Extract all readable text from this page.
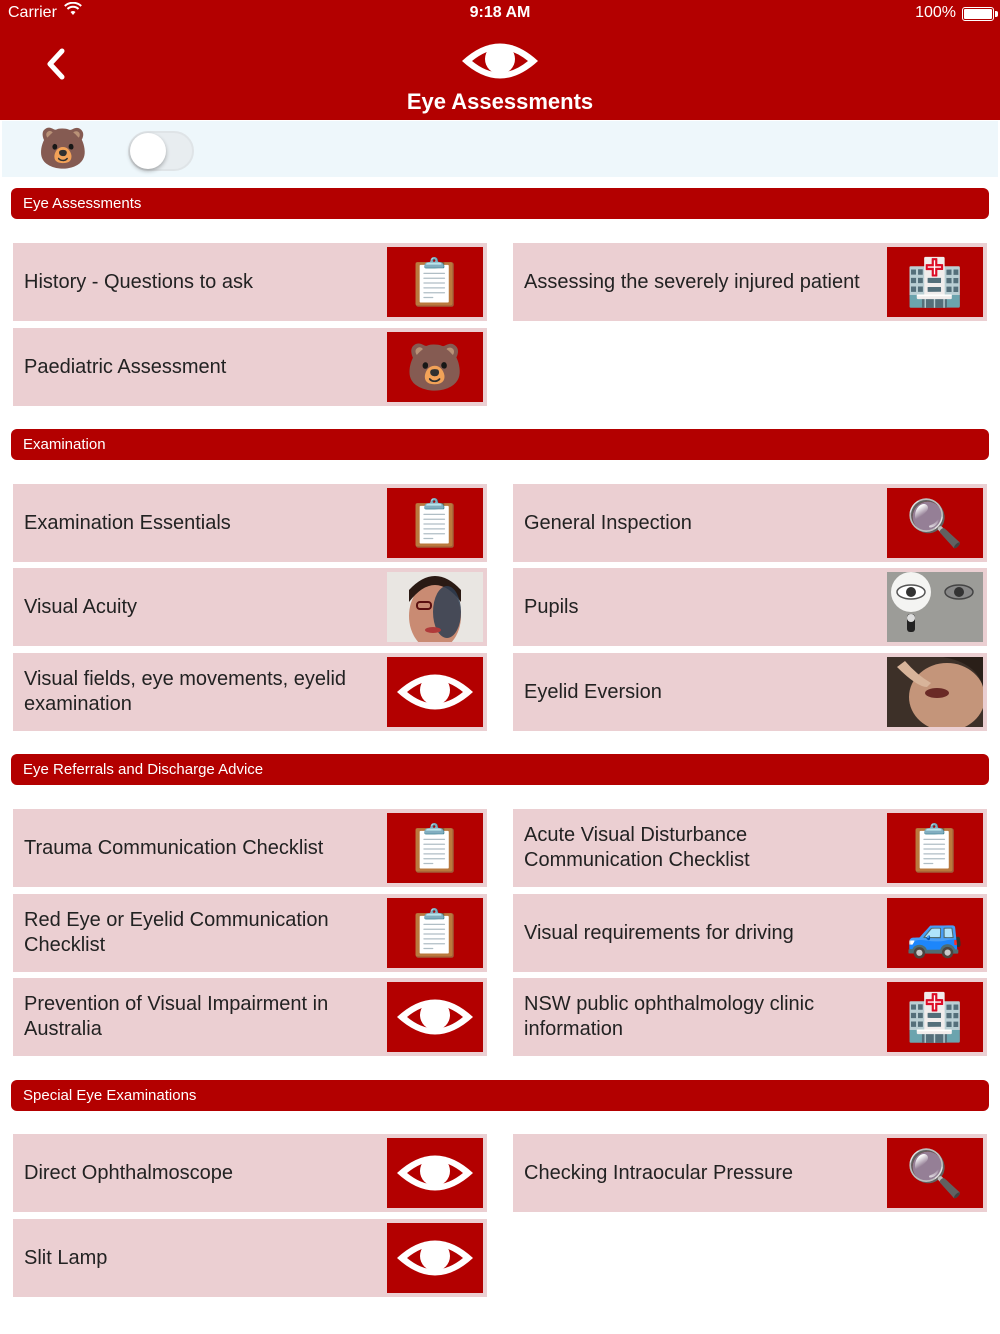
Carrier	9:18 AM	100%
Eye Assessments
🐻
Eye Assessments
History - Questions to ask	📋	Assessing the severely injured patient	🏥
Paediatric Assessment	🐻
Examination
Examination Essentials	📋	General Inspection	🔍
Visual Acuity	Pupils
Visual fields, eye movements, eyelid examination
Eyelid Eversion
Eye Referrals and Discharge Advice
Trauma Communication Checklist	📋	Acute Visual Disturbance Communication Checklist	📋
Red Eye or Eyelid Communication Checklist	📋	Visual requirements for driving	🚙
Prevention of Visual Impairment in Australia
NSW public ophthalmology clinic information	🏥
Special Eye Examinations
Direct Ophthalmoscope	Checking Intraocular Pressure	🔍
Slit Lamp
